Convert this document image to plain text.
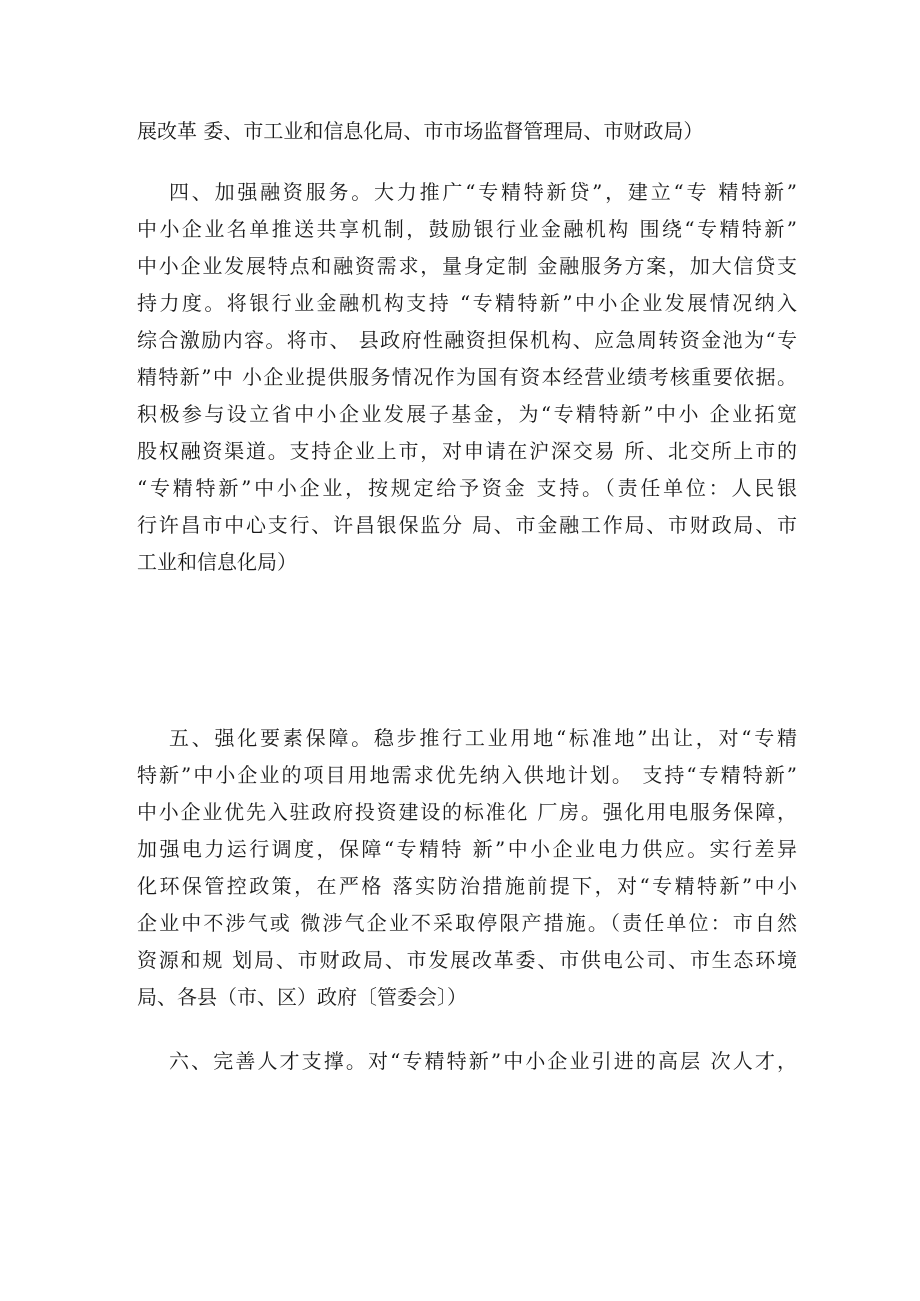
展改革 委、市工业和信息化局、市市场监督管理局、市财政局）
四、加强融资服务。大力推广“专精特新贷”，建立“专 精特新”
中小企业名单推送共享机制，鼓励银行业金融机构 围绕“专精特新”
中小企业发展特点和融资需求，量身定制 金融服务方案，加大信贷支
持力度。将银行业金融机构支持 “专精特新”中小企业发展情况纳入
综合激励内容。将市、 县政府性融资担保机构、应急周转资金池为“专
精特新”中 小企业提供服务情况作为国有资本经营业绩考核重要依据。
积极参与设立省中小企业发展子基金，为“专精特新”中小 企业拓宽
股权融资渠道。支持企业上市，对申请在沪深交易 所、北交所上市的
“专精特新”中小企业，按规定给予资金 支持。（责任单位：人民银
行许昌市中心支行、许昌银保监分 局、市金融工作局、市财政局、市
工业和信息化局）
五、强化要素保障。稳步推行工业用地“标准地”出让，对“专精
特新”中小企业的项目用地需求优先纳入供地计划。 支持“专精特新”
中小企业优先入驻政府投资建设的标准化 厂房。强化用电服务保障，
加强电力运行调度，保障“专精特 新”中小企业电力供应。实行差异
化环保管控政策，在严格 落实防治措施前提下，对“专精特新”中小
企业中不涉气或 微涉气企业不采取停限产措施。（责任单位：市自然
资源和规 划局、市财政局、市发展改革委、市供电公司、市生态环境
局、各县（市、区）政府〔管委会〕）
六、完善人才支撑。对“专精特新”中小企业引进的高层 次人才，
